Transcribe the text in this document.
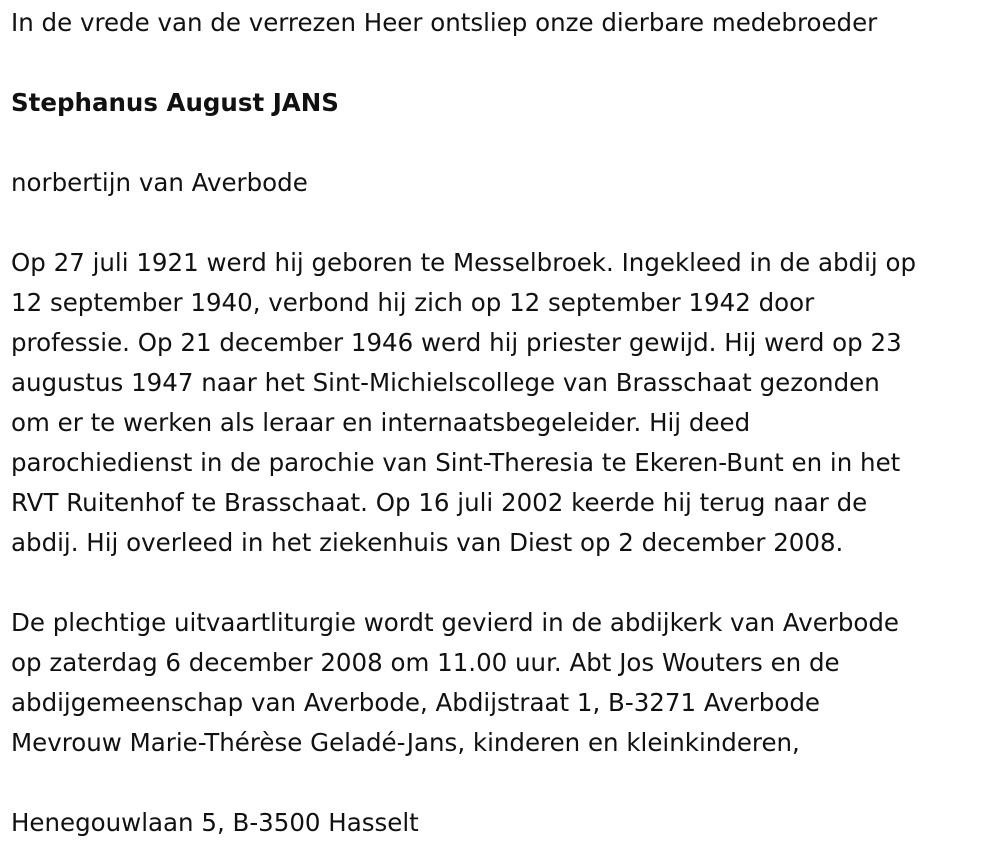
In de vrede van de verrezen Heer ontsliep onze dierbare medebroeder

Stephanus August JANS

norbertijn van Averbode

Op 27 juli 1921 werd hij geboren te Messelbroek. Ingekleed in de abdij op

12 september 1940, verbond hij zich op 12 september 1942 door

professie. Op 21 december 1946 werd hij priester gewijd. Hij werd op 23

augustus 1947 naar het Sint-Michielscollege van Brasschaat gezonden

om er te werken als leraar en internaatsbegeleider. Hij deed

parochiedienst in de parochie van Sint-Theresia te Ekeren-Bunt en in het

RVT Ruitenhof te Brasschaat. Op 16 juli 2002 keerde hij terug naar de

abdij. Hij overleed in het ziekenhuis van Diest op 2 december 2008.

De plechtige uitvaartliturgie wordt gevierd in de abdijkerk van Averbode

op zaterdag 6 december 2008 om 11.00 uur. Abt Jos Wouters en de

abdijgemeenschap van Averbode, Abdijstraat 1, B-3271 Averbode

Mevrouw Marie-Thérèse Geladé-Jans, kinderen en kleinkinderen,

Henegouwlaan 5, B-3500 Hasselt
